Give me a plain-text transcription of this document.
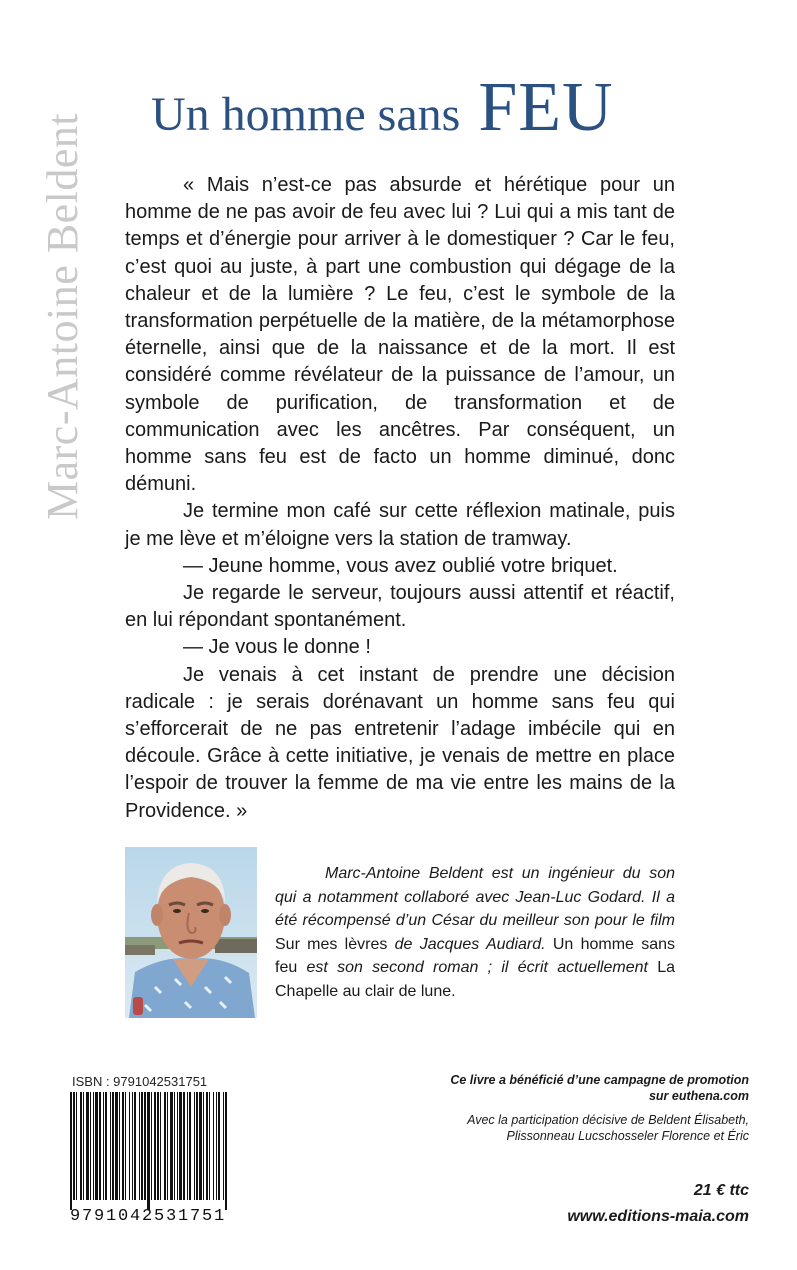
Marc-Antoine Beldent Un homme sans FEU

« Mais n’est-ce pas absurde et hérétique pour un homme de ne pas avoir de feu avec lui ? Lui qui a mis tant de temps et d’énergie pour arriver à le domestiquer ? Car le feu, c’est quoi au juste, à part une combustion qui dégage de la chaleur et de la lumière ? Le feu, c’est le symbole de la transformation perpétuelle de la matière, de la métamorphose éternelle, ainsi que de la naissance et de la mort. Il est considéré comme révélateur de la puissance de l’amour, un symbole de purification, de transformation et de communication avec les ancêtres. Par conséquent, un homme sans feu est de facto un homme diminué, donc démuni.

Je termine mon café sur cette réflexion matinale, puis je me lève et m’éloigne vers la station de tramway.

— Jeune homme, vous avez oublié votre briquet.

Je regarde le serveur, toujours aussi attentif et réactif, en lui répondant spontanément.

— Je vous le donne !

Je venais à cet instant de prendre une décision radicale : je serais dorénavant un homme sans feu qui s’efforcerait de ne pas entretenir l’adage imbécile qui en découle. Grâce à cette initiative, je venais de mettre en place l’espoir de trouver la femme de ma vie entre les mains de la Providence. »

Marc-Antoine Beldent est un ingénieur du son qui a notamment collaboré avec Jean-Luc Godard. Il a été récompensé d’un César du meilleur son pour le film Sur mes lèvres de Jacques Audiard. Un homme sans feu est son second roman ; il écrit actuellement La Chapelle au clair de lune.
ISBN : 9791042531751
9791042531751
Ce livre a bénéficié d’une campagne de promotion
sur euthena.com
Avec la participation décisive de Beldent Élisabeth,
Plissonneau Lucschosseler Florence et Éric
21 € ttc
www.editions-maia.com
